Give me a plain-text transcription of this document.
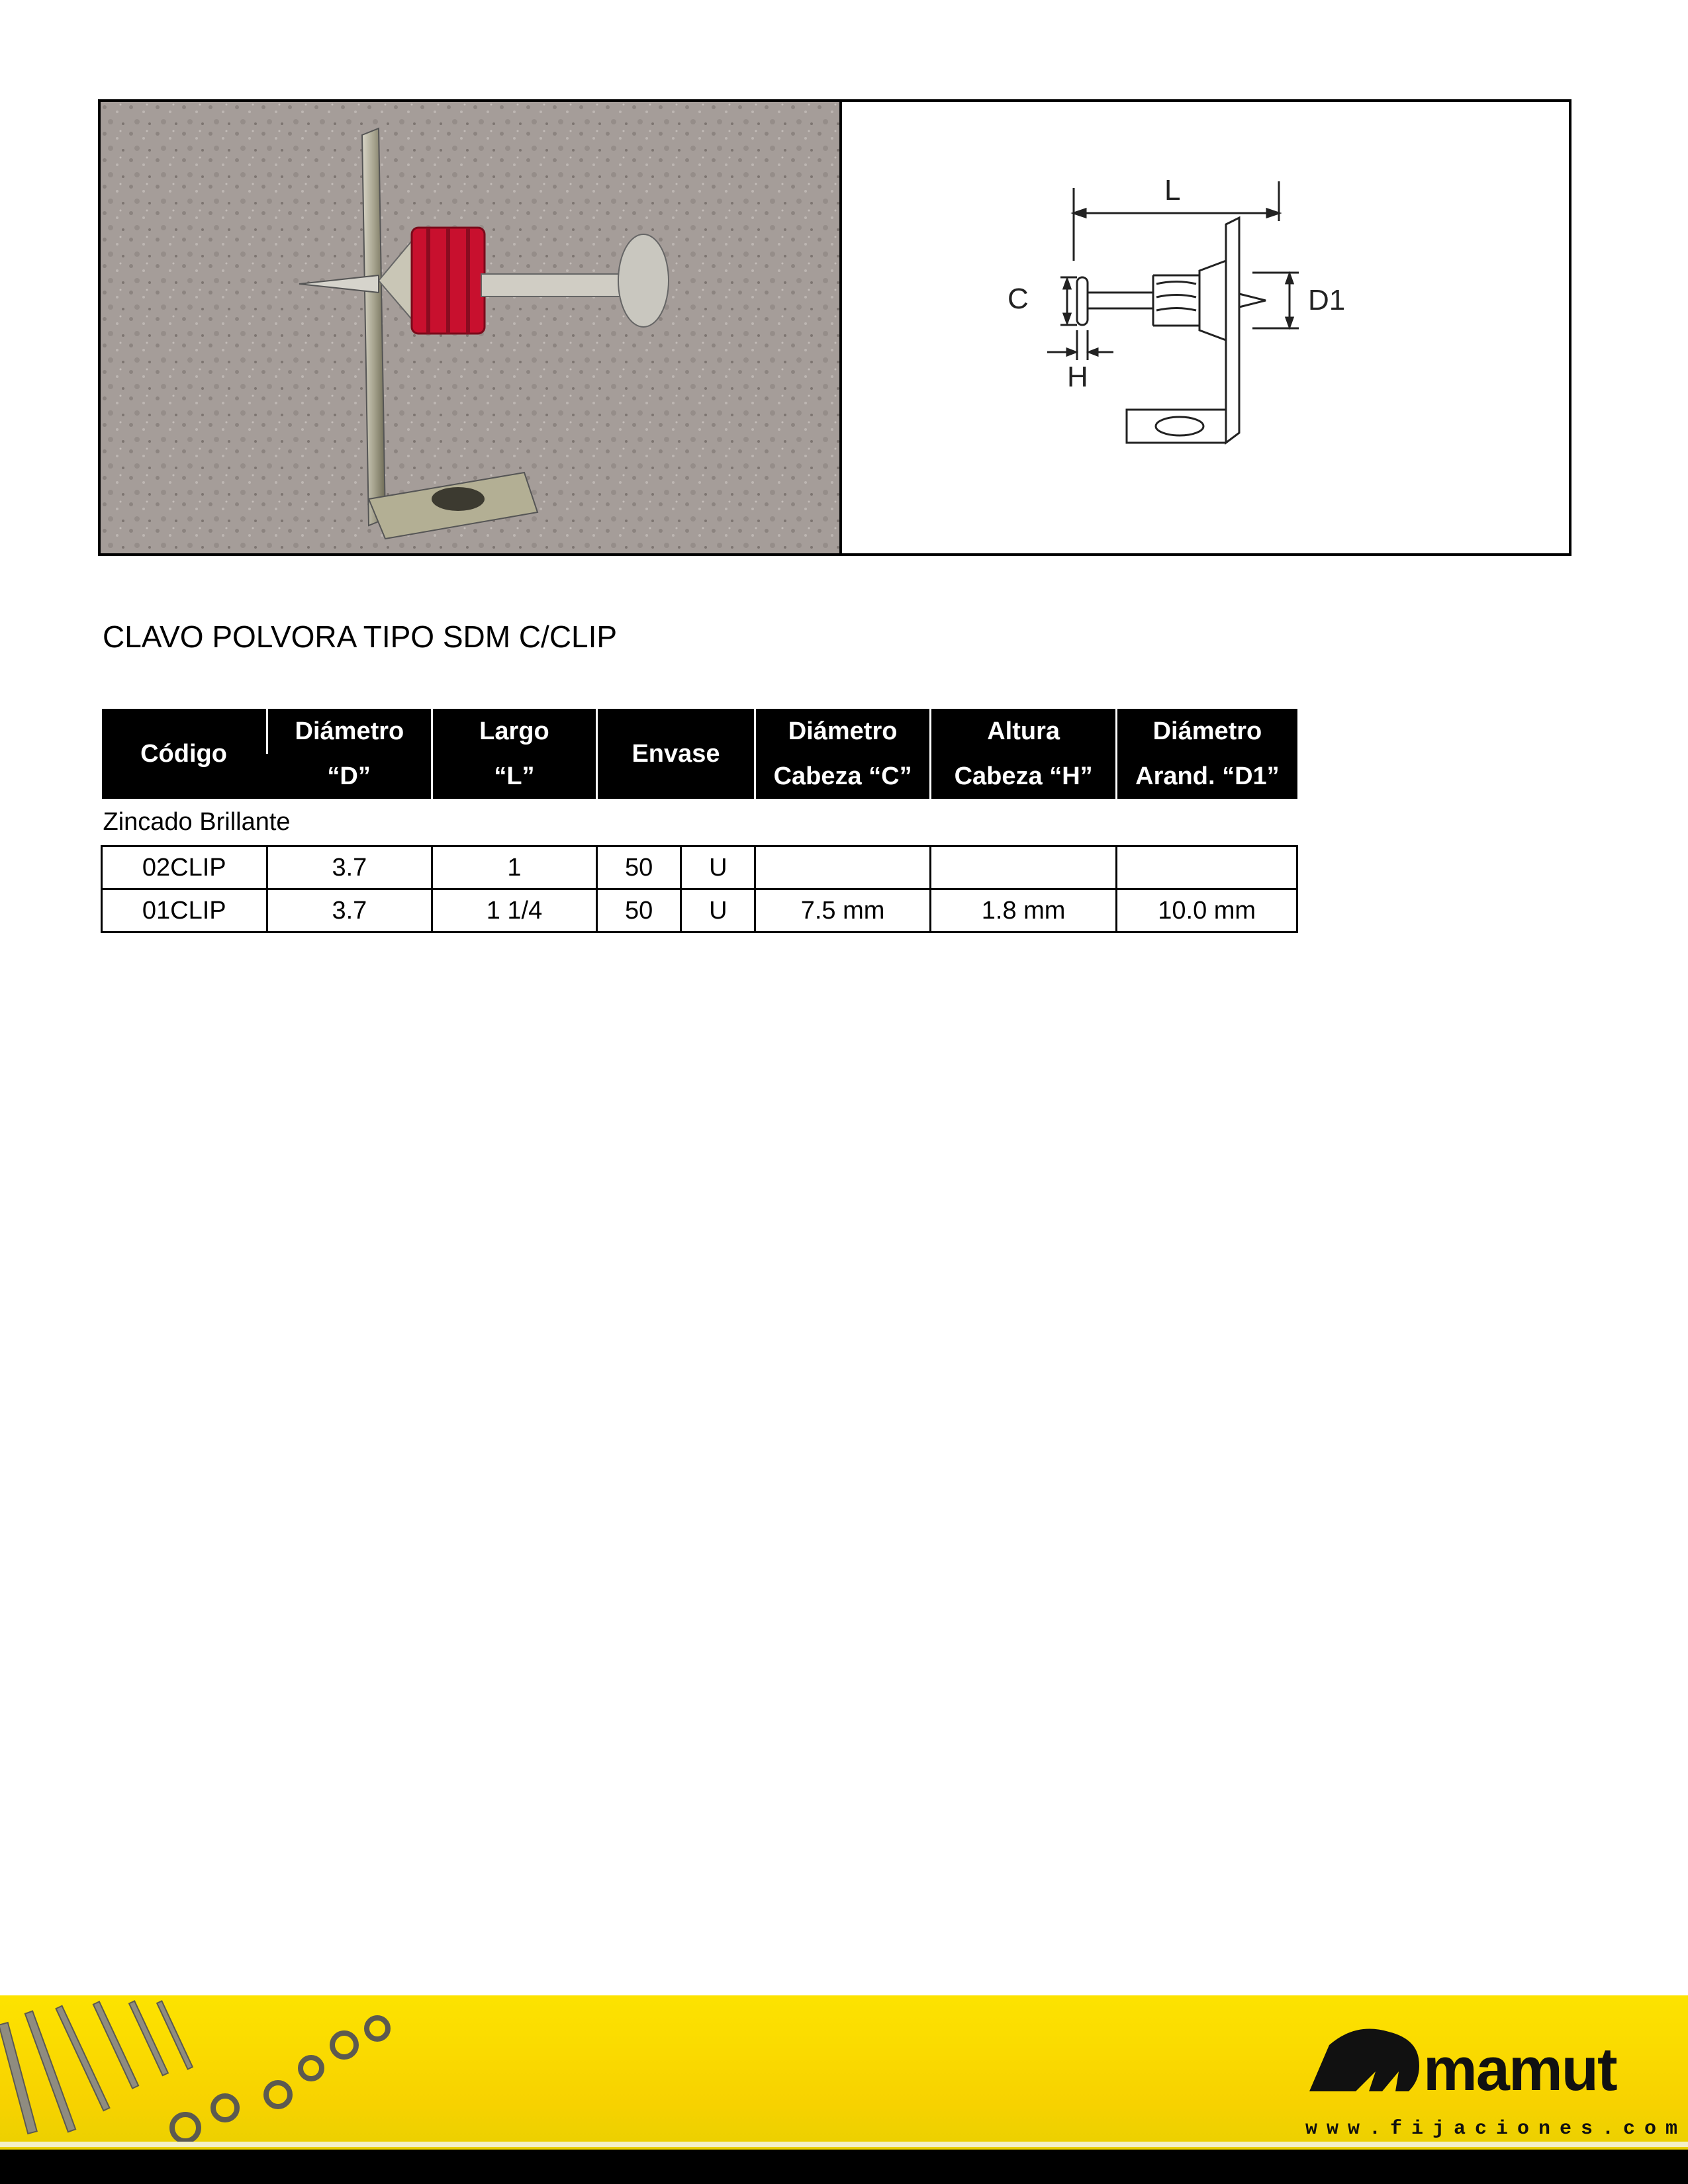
L
C
H
D1
CLAVO POLVORA TIPO SDM C/CLIP
Código	Diámetro	Largo	Envase		Diámetro	Altura	Diámetro
	“D”	“L”			Cabeza “C”	Cabeza “H”	Arand. “D1”
Zincado Brillante							
02CLIP	3.7	1	50	U			
01CLIP	3.7	1 1/4	50	U	7.5 mm	1.8 mm	10.0 mm
mamut
www.fijaciones.com
